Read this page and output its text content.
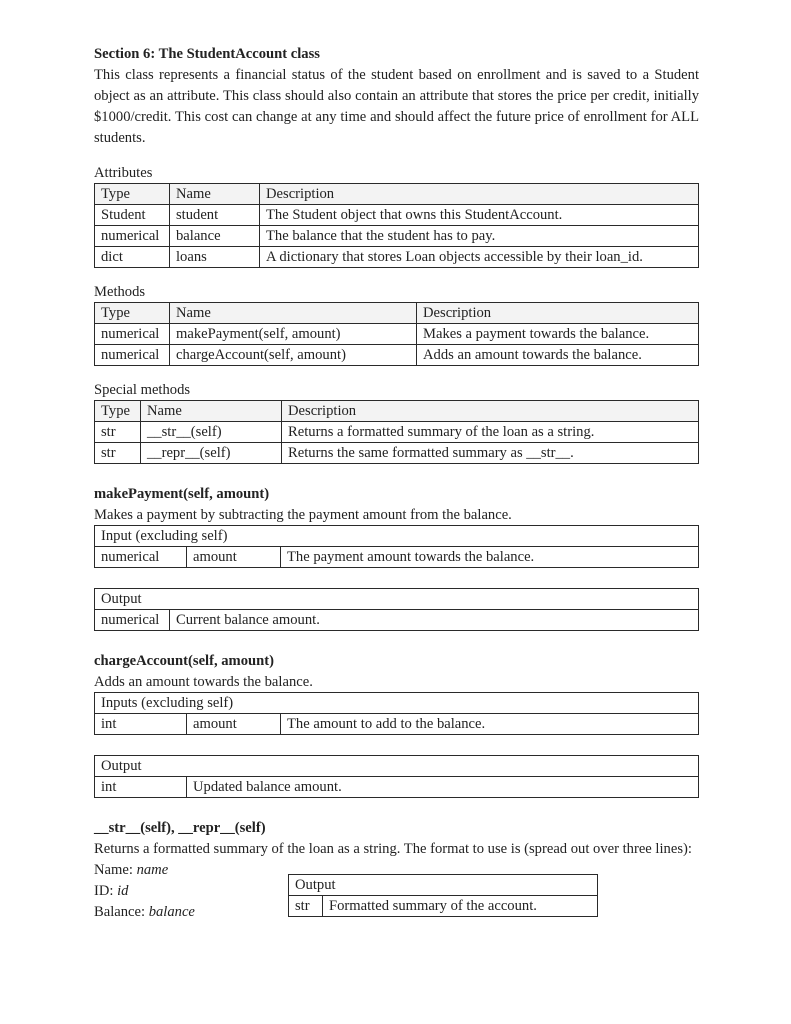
Section 6: The StudentAccount class

This class represents a financial status of the student based on enrollment and is saved to a Student object as an attribute. This class should also contain an attribute that stores the price per credit, initially $1000/credit. This cost can change at any time and should affect the future price of enrollment for ALL students.

Attributes

Type	Name	Description
Student	student	The Student object that owns this StudentAccount.
numerical	balance	The balance that the student has to pay.
dict	loans	A dictionary that stores Loan objects accessible by their loan_id.

Methods

Type	Name	Description
numerical	makePayment(self, amount)	Makes a payment towards the balance.
numerical	chargeAccount(self, amount)	Adds an amount towards the balance.

Special methods

Type	Name	Description
str	__str__(self)	Returns a formatted summary of the loan as a string.
str	__repr__(self)	Returns the same formatted summary as __str__.

makePayment(self, amount)

Makes a payment by subtracting the payment amount from the balance.

Input (excluding self)
numerical	amount	The payment amount towards the balance.
Output
numerical	Current balance amount.

chargeAccount(self, amount)

Adds an amount towards the balance.

Inputs (excluding self)
int	amount	The amount to add to the balance.
Output
int	Updated balance amount.

__str__(self), __repr__(self)

Returns a formatted summary of the loan as a string. The format to use is (spread out over three lines):

Name: name

ID: id

Balance: balance

Output
str	Formatted summary of the account.
